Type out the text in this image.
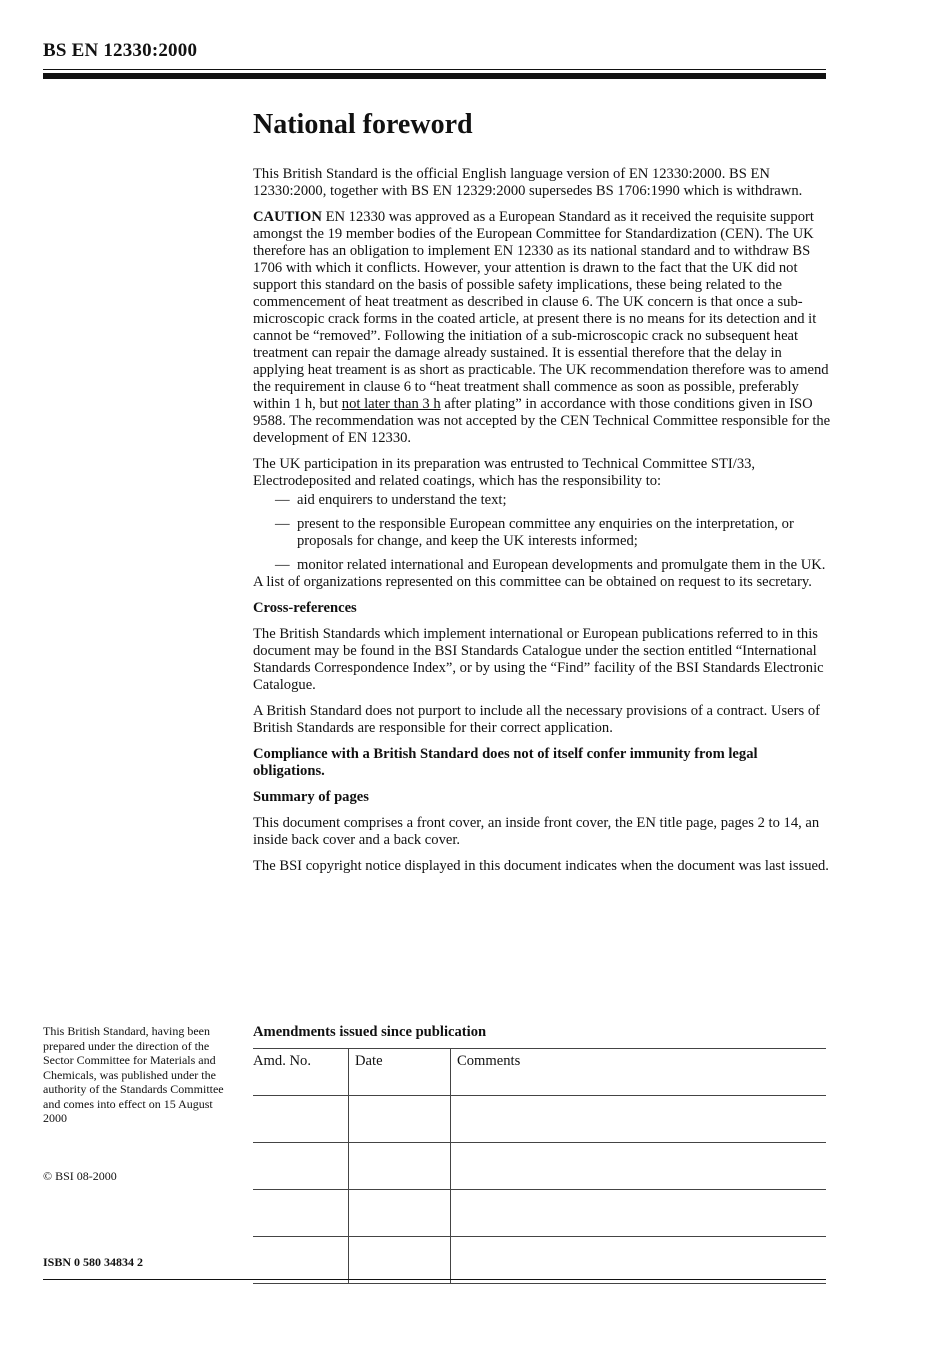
BS EN 12330:2000
National foreword

This British Standard is the official English language version of EN 12330:2000. BS EN 12330:2000, together with BS EN 12329:2000 supersedes BS 1706:1990 which is withdrawn.

CAUTION EN 12330 was approved as a European Standard as it received the requisite support amongst the 19 member bodies of the European Committee for Standardization (CEN). The UK therefore has an obligation to implement EN 12330 as its national standard and to withdraw BS 1706 with which it conflicts. However, your attention is drawn to the fact that the UK did not support this standard on the basis of possible safety implications, these being related to the commencement of heat treatment as described in clause 6. The UK concern is that once a sub-microscopic crack forms in the coated article, at present there is no means for its detection and it cannot be “removed”. Following the initiation of a sub-microscopic crack no subsequent heat treatment can repair the damage already sustained. It is essential therefore that the delay in applying heat treament is as short as practicable. The UK recommendation therefore was to amend the requirement in clause 6 to “heat treatment shall commence as soon as possible, preferably within 1 h, but not later than 3 h after plating” in accordance with those conditions given in ISO 9588. The recommendation was not accepted by the CEN Technical Committee responsible for the development of EN 12330.

The UK participation in its preparation was entrusted to Technical Committee STI/33, Electrodeposited and related coatings, which has the responsibility to:

— aid enquirers to understand the text;
— present to the responsible European committee any enquiries on the interpretation, or proposals for change, and keep the UK interests informed;
— monitor related international and European developments and promulgate them in the UK.

A list of organizations represented on this committee can be obtained on request to its secretary.

Cross-references

The British Standards which implement international or European publications referred to in this document may be found in the BSI Standards Catalogue under the section entitled “International Standards Correspondence Index”, or by using the “Find” facility of the BSI Standards Electronic Catalogue.

A British Standard does not purport to include all the necessary provisions of a contract. Users of British Standards are responsible for their correct application.

Compliance with a British Standard does not of itself confer immunity from legal obligations.

Summary of pages

This document comprises a front cover, an inside front cover, the EN title page, pages 2 to 14, an inside back cover and a back cover.

The BSI copyright notice displayed in this document indicates when the document was last issued.

This British Standard, having been prepared under the direction of the Sector Committee for Materials and Chemicals, was published under the authority of the Standards Committee and comes into effect on 15 August 2000
© BSI 08-2000
ISBN 0 580 34834 2
Amendments issued since publication
Amd. No.	Date	Comments
